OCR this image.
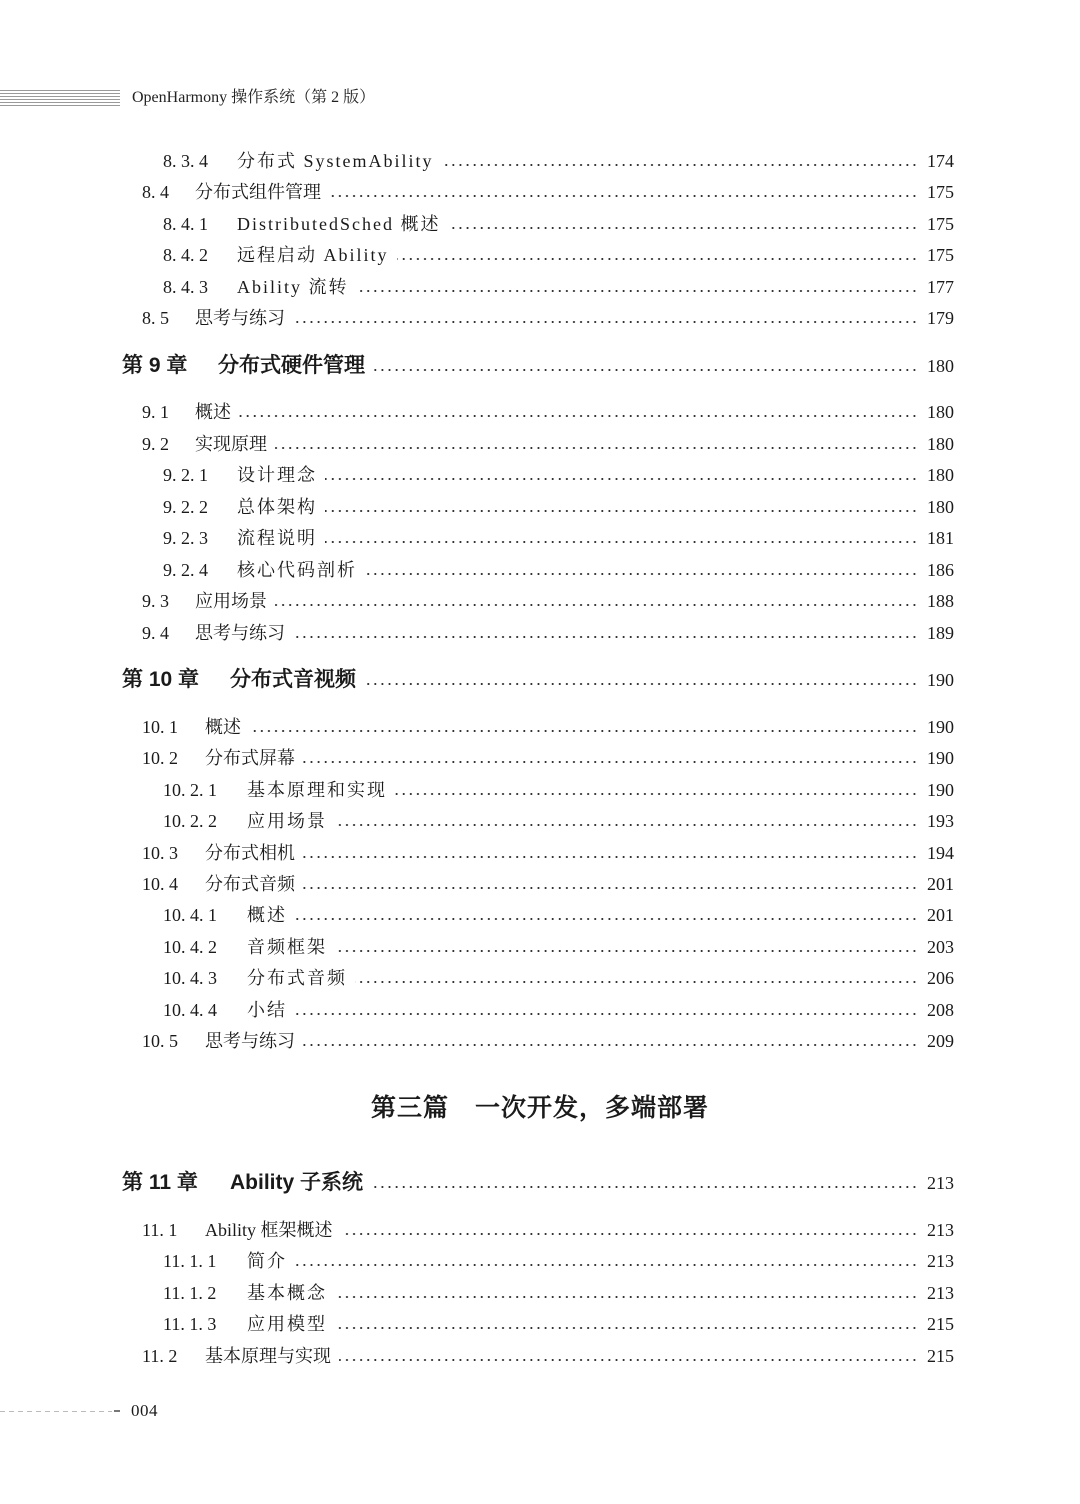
OpenHarmony 操作系统（第 2 版）
8. 3. 4 分布式 SystemAbility	174
8. 4 分布式组件管理	175
8. 4. 1 DistributedSched 概述	175
8. 4. 2 远程启动 Ability	175
8. 4. 3 Ability 流转	177
8. 5 思考与练习	179
第 9 章 分布式硬件管理	180
9. 1 概述	180
9. 2 实现原理	180
9. 2. 1 设计理念	180
9. 2. 2 总体架构	180
9. 2. 3 流程说明	181
9. 2. 4 核心代码剖析	186
9. 3 应用场景	188
9. 4 思考与练习	189
第 10 章 分布式音视频	190
10. 1 概述	190
10. 2 分布式屏幕	190
10. 2. 1 基本原理和实现	190
10. 2. 2 应用场景	193
10. 3 分布式相机	194
10. 4 分布式音频	201
10. 4. 1 概述	201
10. 4. 2 音频框架	203
10. 4. 3 分布式音频	206
10. 4. 4 小结	208
10. 5 思考与练习	209
第 11 章 Ability 子系统	213
11. 1 Ability 框架概述	213
11. 1. 1 简介	213
11. 1. 2 基本概念	213
11. 1. 3 应用模型	215
11. 2 基本原理与实现	215
第三篇　一次开发，多端部署
004
